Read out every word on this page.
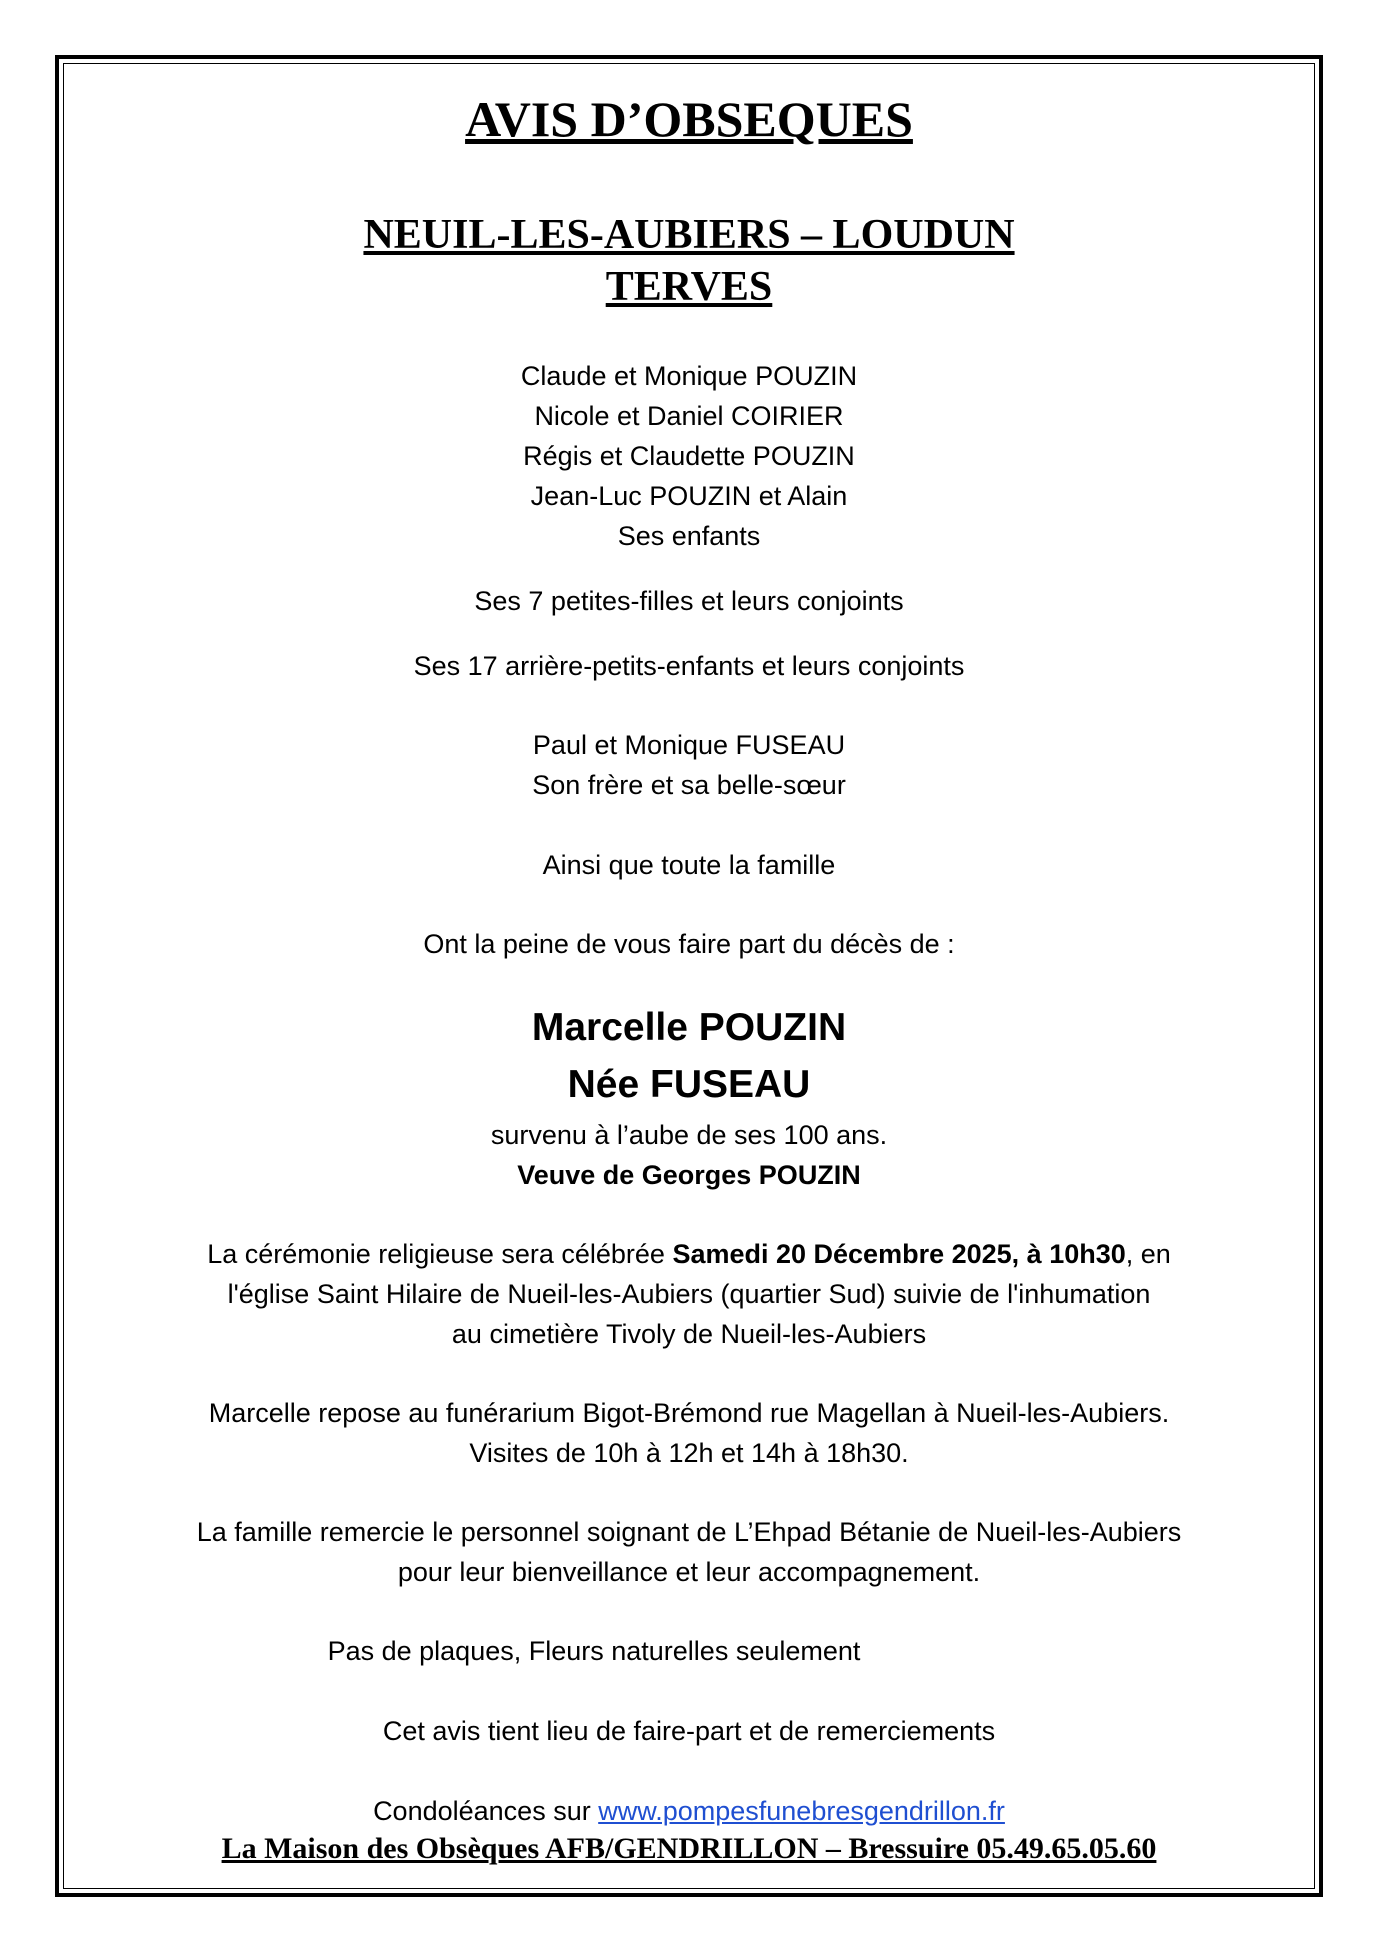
AVIS D’OBSEQUES
NEUIL-LES-AUBIERS – LOUDUN
TERVES
Claude et Monique POUZIN
Nicole et Daniel COIRIER
Régis et Claudette POUZIN
Jean-Luc POUZIN et Alain
Ses enfants
Ses 7 petites-filles et leurs conjoints
Ses 17 arrière-petits-enfants et leurs conjoints
Paul et Monique FUSEAU
Son frère et sa belle-sœur
Ainsi que toute la famille
Ont la peine de vous faire part du décès de :
Marcelle POUZIN
Née FUSEAU
survenu à l’aube de ses 100 ans.
Veuve de Georges POUZIN
La cérémonie religieuse sera célébrée Samedi 20 Décembre 2025, à 10h30, en
l'église Saint Hilaire de Nueil-les-Aubiers (quartier Sud) suivie de l'inhumation
au cimetière Tivoly de Nueil-les-Aubiers
Marcelle repose au funérarium Bigot-Brémond rue Magellan à Nueil-les-Aubiers.
Visites de 10h à 12h et 14h à 18h30.
La famille remercie le personnel soignant de L’Ehpad Bétanie de Nueil-les-Aubiers
pour leur bienveillance et leur accompagnement.
Pas de plaques, Fleurs naturelles seulement
Cet avis tient lieu de faire-part et de remerciements
Condoléances sur www.pompesfunebresgendrillon.fr
La Maison des Obsèques AFB/GENDRILLON – Bressuire 05.49.65.05.60
